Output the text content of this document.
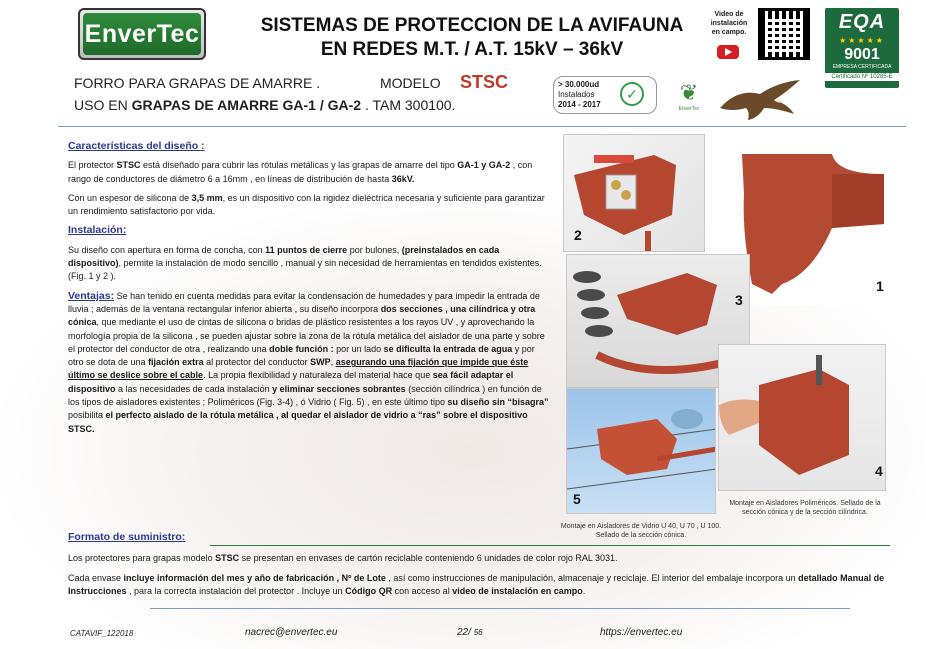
EnverTec	SISTEMAS DE PROTECCION DE LA AVIFAUNA
EN REDES M.T. / A.T. 15kV – 36kV
Video de instalación en campo.	EQA
★★★★★
9001
EMPRESA CERTIFICADA
Certificado Nº 10285-E
FORRO PARA GRAPAS DE AMARRE .	MODELO STSC
USO EN GRAPAS DE AMARRE GA-1 / GA-2 . TAM 300100.
> 30.000ud
Instalados
2014 - 2017
✓	❦
EnverTec
Características del diseño :

El protector STSC está diseñado para cubrir las rótulas metálicas y las grapas de amarre del tipo GA-1 y GA-2 , con rango de conductores de diámetro 6 a 16mm , en líneas de distribución de hasta 36kV.

Con un espesor de silicona de 3,5 mm, es un dispositivo con la rigidez dieléctrica necesaria y suficiente para garantizar un rendimiento satisfactorio por vida.

Instalación:

Su diseño con apertura en forma de concha, con 11 puntos de cierre por bulones, (preinstalados en cada dispositivo), permite la instalación de modo sencillo , manual y sin necesidad de herramientas en tendidos existentes. (Fig. 1 y 2 ).

Ventajas: Se han tenido en cuenta medidas para evitar la condensación de humedades y para impedir la entrada de lluvia ; además de la ventana rectangular inferior abierta , su diseño incorpora dos secciones , una cilíndrica y otra cónica, que mediante el uso de cintas de silicona o bridas de plástico resistentes a los rayos UV , y aprovechando la morfología propia de la silicona , se pueden ajustar sobre la zona de la rótula metálica del aislador de una parte y sobre el protector del conductor de otra , realizando una doble función : por un lado se dificulta la entrada de agua y por otro se dota de una fijación extra al protector del conductor SWP, asegurando una fijación que impide que éste último se deslice sobre el cable. La propia flexibilidad y naturaleza del material hace que sea fácil adaptar el dispositivo a las necesidades de cada instalación y eliminar secciones sobrantes (sección cilíndrica ) en función de los tipos de aisladores existentes ; Poliméricos (Fig. 3-4) , ó Vidrio ( Fig. 5) , en este último tipo su diseño sin “bisagra” posibilita el perfecto aislado de la rótula metálica , al quedar el aislador de vidrio a “ras” sobre el dispositivo STSC.

2
1
3
4
5
Montaje en Aisladores de Vidrio U 40, U 70 , U 100. Sellado de la sección cónica.
Montaje en Aisladores Poliméricos. Sellado de la sección cónica y de la sección cilíndrica.
Formato de suministro:

Los protectores para grapas modelo STSC se presentan en envases de cartón reciclable conteniendo 6 unidades de color rojo RAL 3031.

Cada envase incluye información del mes y año de fabricación , Nº de Lote , así como instrucciones de manipulación, almacenaje y reciclaje. El interior del embalaje incorpora un detallado Manual de Instrucciones , para la correcta instalación del protector . Incluye un Código QR con acceso al video de instalación en campo.

CATAVIF_122018	nacrec@envertec.eu	22/ 56	https://envertec.eu
